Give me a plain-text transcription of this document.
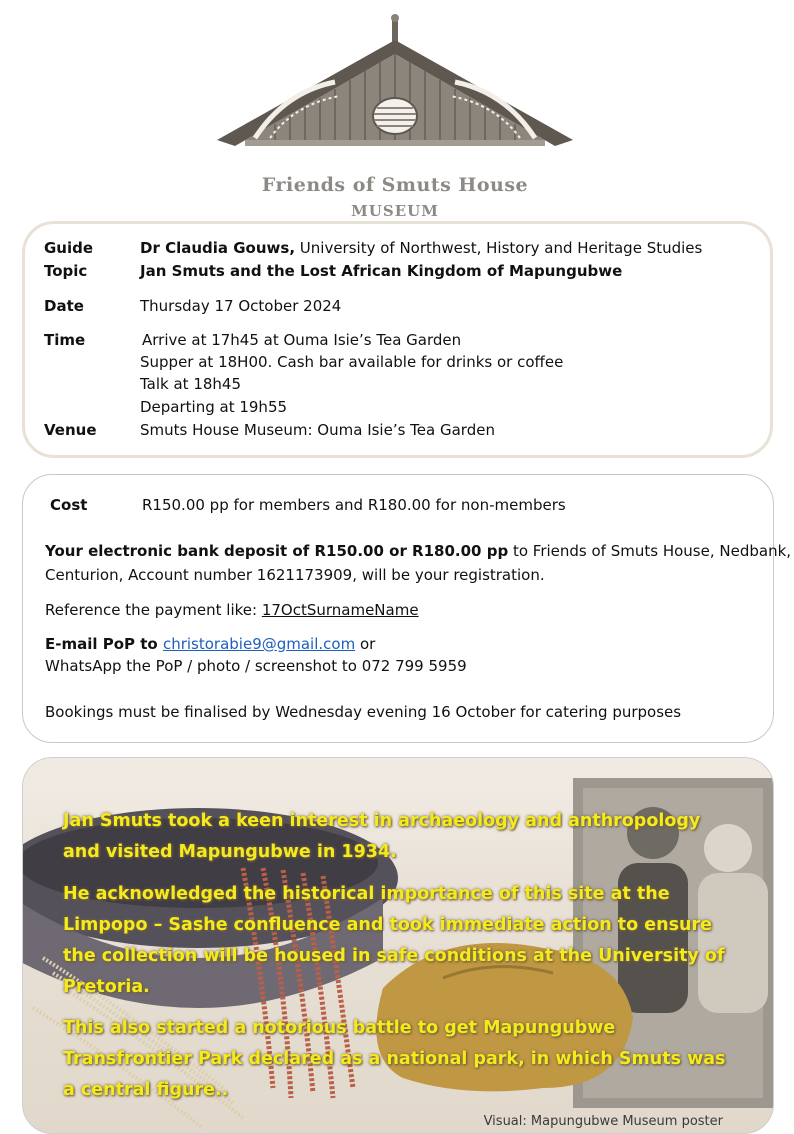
Friends of Smuts House
MUSEUM
Guide	Dr Claudia Gouws, University of Northwest, History and Heritage Studies
Topic	Jan Smuts and the Lost African Kingdom of Mapungubwe
Date	Thursday 17 October 2024
Time	Arrive at 17h45 at Ouma Isie’s Tea Garden
Supper at 18H00. Cash bar available for drinks or coffee
Talk at 18h45
Departing at 19h55
Venue	Smuts House Museum: Ouma Isie’s Tea Garden
Cost	R150.00 pp for members and R180.00 for non-members
Your electronic bank deposit of R150.00 or R180.00 pp to Friends of Smuts House, Nedbank,
Centurion, Account number 1621173909, will be your registration.
Reference the payment like: 17OctSurnameName
E-mail PoP to christorabie9@gmail.com or
WhatsApp the PoP / photo / screenshot to 072 799 5959
Bookings must be finalised by Wednesday evening 16 October for catering purposes
Jan Smuts took a keen interest in archaeology and anthropology
and visited Mapungubwe in 1934.
He acknowledged the historical importance of this site at the
Limpopo – Sashe confluence and took immediate action to ensure
the collection will be housed in safe conditions at the University of
Pretoria.
This also started a notorious battle to get Mapungubwe
Transfrontier Park declared as a national park, in which Smuts was
a central figure..
Visual: Mapungubwe Museum poster
